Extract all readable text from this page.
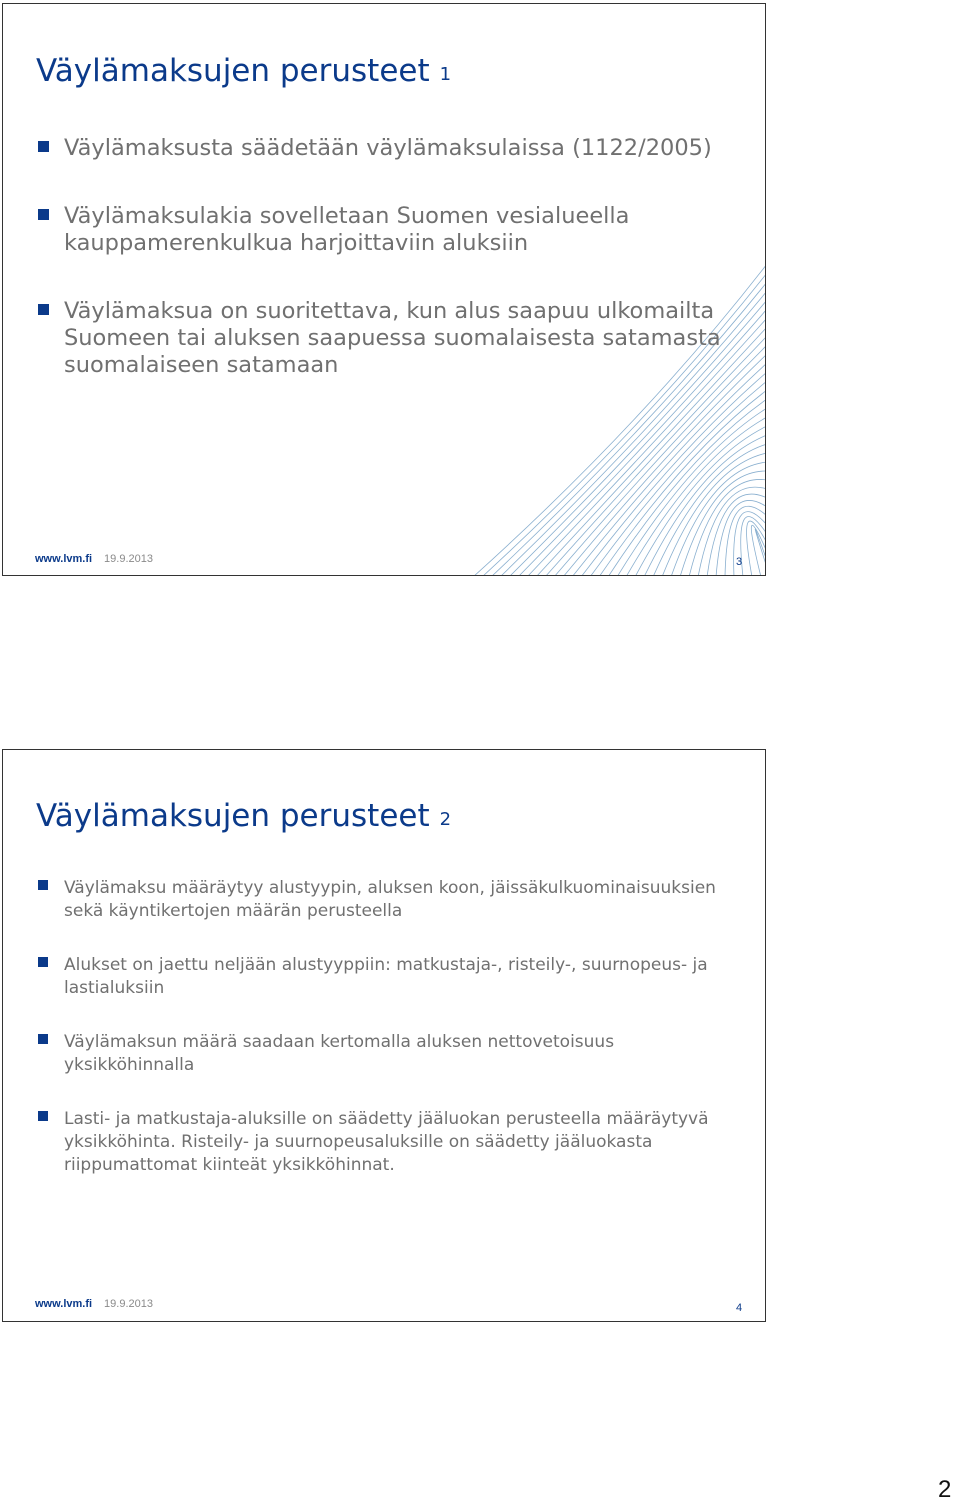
Väylämaksujen perusteet 1
Väylämaksusta säädetään väylämaksulaissa (1122/2005)
Väylämaksulakia sovelletaan Suomen vesialueella kauppamerenkulkua harjoittaviin aluksiin
Väylämaksua on suoritettava, kun alus saapuu ulkomailta Suomeen tai aluksen saapuessa suomalaisesta satamasta suomalaiseen satamaan
www.lvm.fi 19.9.2013	3
Väylämaksujen perusteet 2
Väylämaksu määräytyy alustyypin, aluksen koon, jäissäkulkuominaisuuksien sekä käyntikertojen määrän perusteella
Alukset on jaettu neljään alustyyppiin: matkustaja-, risteily-, suurnopeus- ja lastialuksiin
Väylämaksun määrä saadaan kertomalla aluksen nettovetoisuus yksikköhinnalla
Lasti- ja matkustaja-aluksille on säädetty jääluokan perusteella määräytyvä yksikköhinta. Risteily- ja suurnopeusaluksille on säädetty jääluokasta riippumattomat kiinteät yksikköhinnat.
www.lvm.fi 19.9.2013	4
2
